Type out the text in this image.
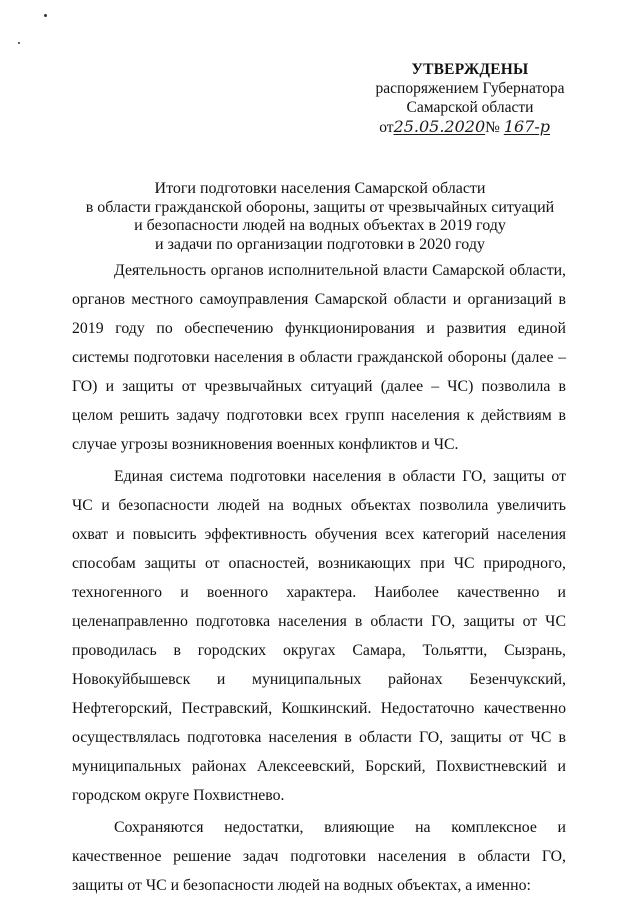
УТВЕРЖДЕНЫ
распоряжением Губернатора
Самарской области
от25.05.2020№ 167-р
Итоги подготовки населения Самарской области
в области гражданской обороны, защиты от чрезвычайных ситуаций
и безопасности людей на водных объектах в 2019 году
и задачи по организации подготовки в 2020 году

Деятельность органов исполнительной власти Самарской области, органов местного самоуправления Самарской области и организаций в 2019 году по обеспечению функционирования и развития единой системы подготовки населения в области гражданской обороны (далее – ГО) и защиты от чрезвычайных ситуаций (далее – ЧС) позволила в целом решить задачу подготовки всех групп населения к действиям в случае угрозы возникновения военных конфликтов и ЧС.

Единая система подготовки населения в области ГО, защиты от ЧС и безопасности людей на водных объектах позволила увеличить охват и повысить эффективность обучения всех категорий населения способам защиты от опасностей, возникающих при ЧС природного, техногенного и военного характера. Наиболее качественно и целенаправленно подготовка населения в области ГО, защиты от ЧС проводилась в городских округах Самара, Тольятти, Сызрань, Новокуйбышевск и муниципальных районах Безенчукский, Нефтегорский, Пестравский, Кошкинский. Недостаточно качественно осуществлялась подготовка населения в области ГО, защиты от ЧС в муниципальных районах Алексеевский, Борский, Похвистневский и городском округе Похвистнево.

Сохраняются недостатки, влияющие на комплексное и качественное решение задач подготовки населения в области ГО, защиты от ЧС и безопасности людей на водных объектах, а именно:
